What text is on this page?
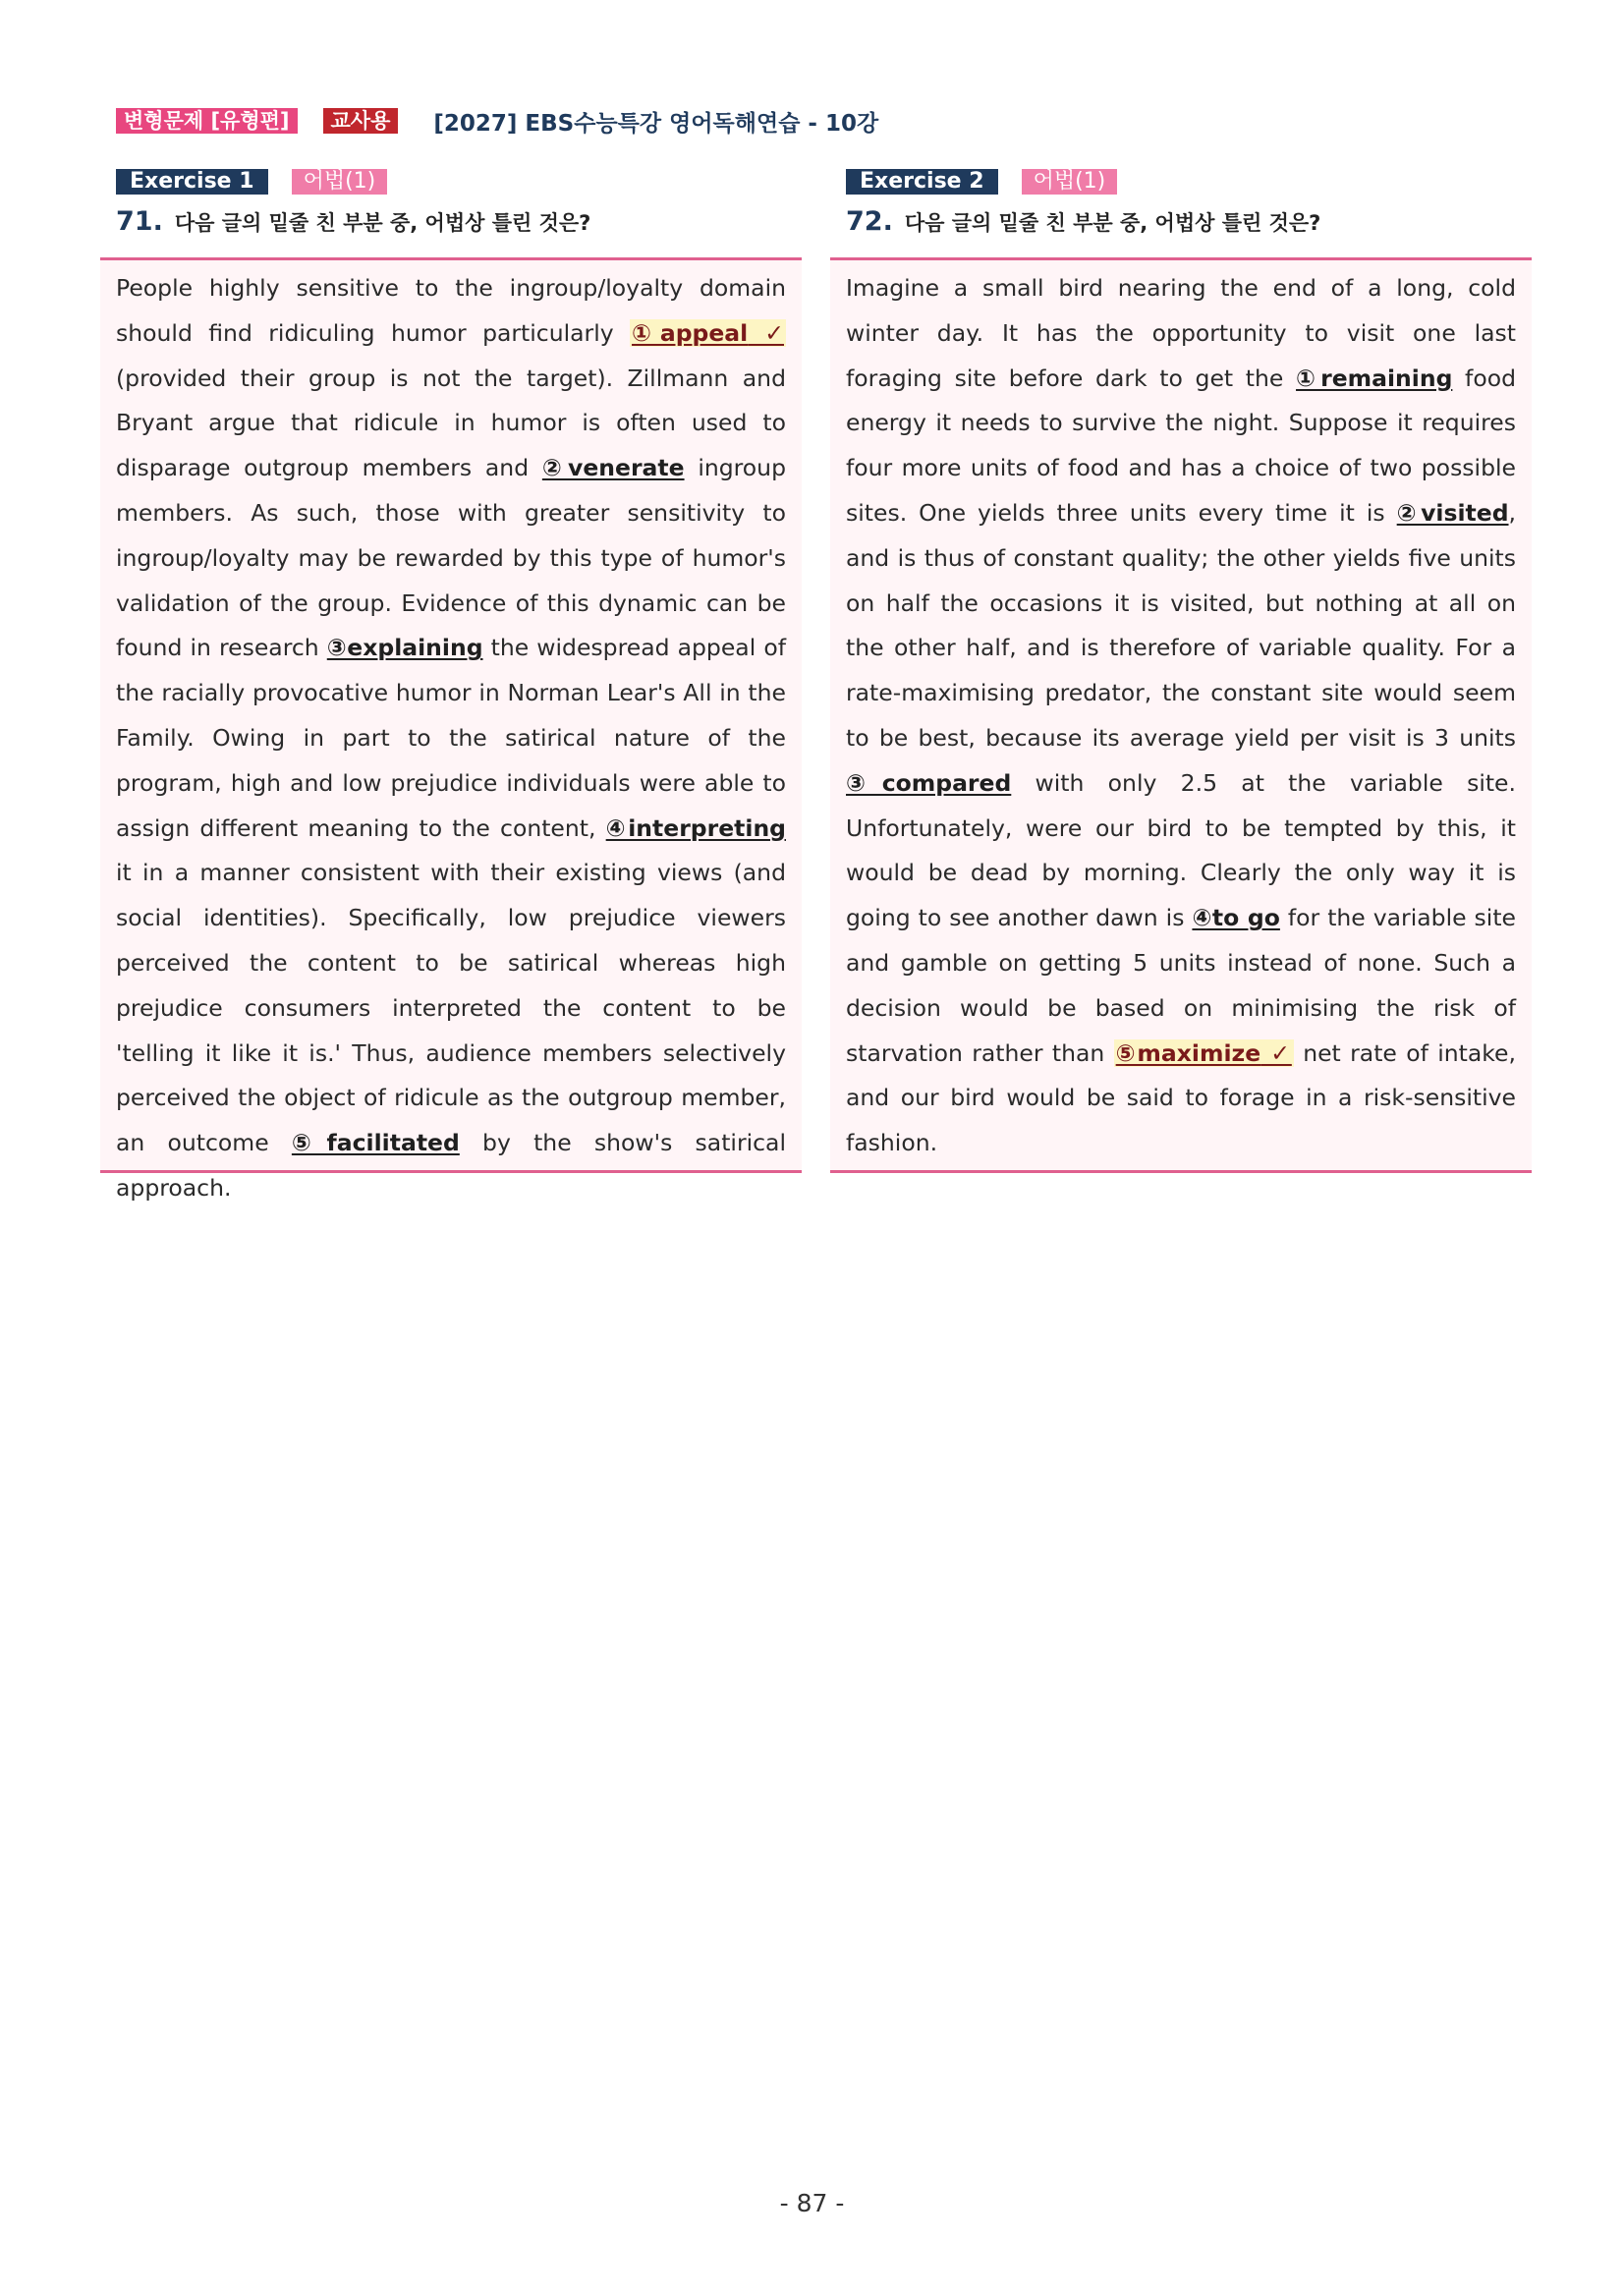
변형문제 [유형편]	교사용	[2027] EBS수능특강 영어독해연습 - 10강
Exercise 1	어법(1)
71. 다음 글의 밑줄 친 부분 중, 어법상 틀린 것은?

People highly sensitive to the ingroup/loyalty domain should find ridiculing humor particularly ①appeal ✓ (provided their group is not the target). Zillmann and Bryant argue that ridicule in humor is often used to disparage outgroup members and ②venerate ingroup members. As such, those with greater sensitivity to ingroup/loyalty may be rewarded by this type of humor's validation of the group. Evidence of this dynamic can be found in research ③explaining the widespread appeal of the racially provocative humor in Norman Lear's All in the Family. Owing in part to the satirical nature of the program, high and low prejudice individuals were able to assign different meaning to the content, ④interpreting it in a manner consistent with their existing views (and social identities). Specifically, low prejudice viewers perceived the content to be satirical whereas high prejudice consumers interpreted the content to be 'telling it like it is.' Thus, audience members selectively perceived the object of ridicule as the outgroup member, an outcome ⑤facilitated by the show's satirical approach.

Exercise 2	어법(1)
72. 다음 글의 밑줄 친 부분 중, 어법상 틀린 것은?

Imagine a small bird nearing the end of a long, cold winter day. It has the opportunity to visit one last foraging site before dark to get the ①remaining food energy it needs to survive the night. Suppose it requires four more units of food and has a choice of two possible sites. One yields three units every time it is ②visited, and is thus of constant quality; the other yields five units on half the occasions it is visited, but nothing at all on the other half, and is therefore of variable quality. For a rate-maximising predator, the constant site would seem to be best, because its average yield per visit is 3 units ③compared with only 2.5 at the variable site. Unfortunately, were our bird to be tempted by this, it would be dead by morning. Clearly the only way it is going to see another dawn is ④to go for the variable site and gamble on getting 5 units instead of none. Such a decision would be based on minimising the risk of starvation rather than ⑤maximize ✓ net rate of intake, and our bird would be said to forage in a risk-sensitive fashion.

- 87 -
